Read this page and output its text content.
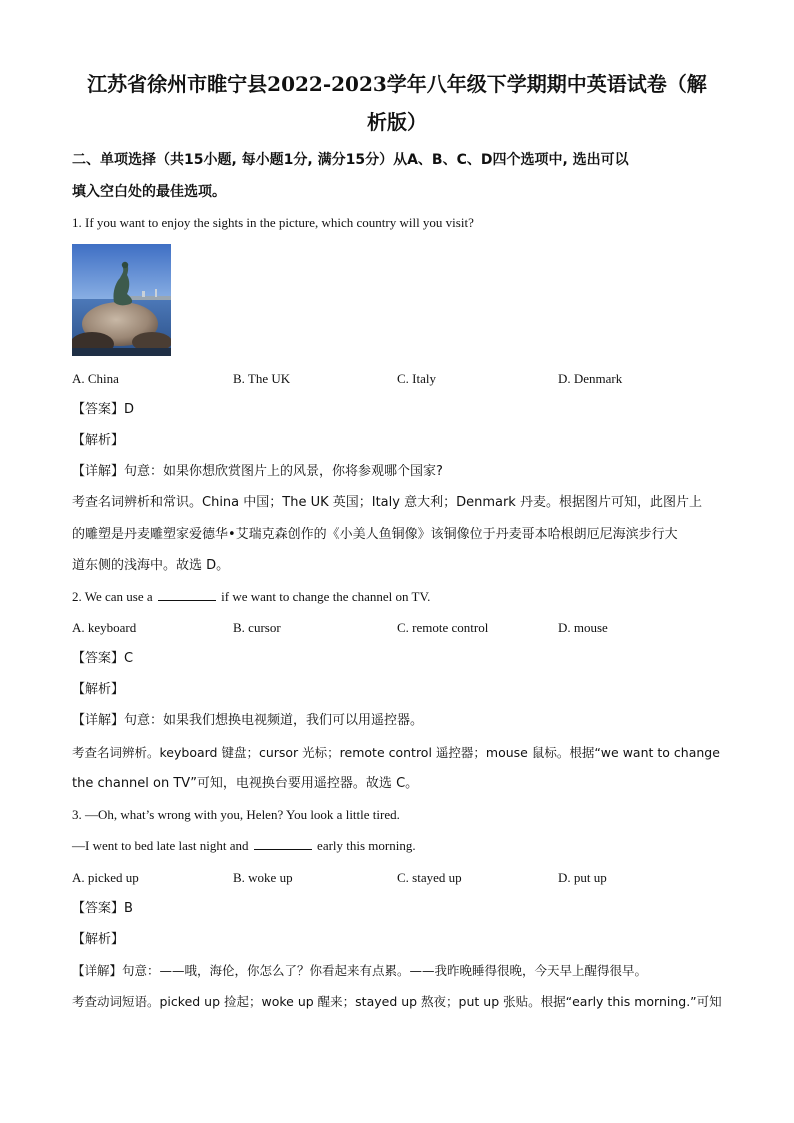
江苏省徐州市睢宁县2022-2023学年八年级下学期期中英语试卷（解
析版）
二、单项选择（共15小题, 每小题1分, 满分15分）从A、B、C、D四个选项中, 选出可以
填入空白处的最佳选项。
1. If you want to enjoy the sights in the picture, which country will you visit?
A. China	B. The UK	C. Italy	D. Denmark
【答案】D
【解析】
【详解】句意：如果你想欣赏图片上的风景，你将参观哪个国家?
考查名词辨析和常识。China 中国；The UK 英国；Italy 意大利；Denmark 丹麦。根据图片可知，此图片上
的雕塑是丹麦雕塑家爱德华•艾瑞克森创作的《小美人鱼铜像》该铜像位于丹麦哥本哈根朗厄尼海滨步行大
道东侧的浅海中。故选 D。
2. We can use a	if we want to change the channel on TV.
A. keyboard	B. cursor	C. remote control	D. mouse
【答案】C
【解析】
【详解】句意：如果我们想换电视频道，我们可以用遥控器。
考查名词辨析。keyboard 键盘；cursor 光标；remote control 遥控器；mouse 鼠标。根据“we want to change
the channel on TV”可知，电视换台要用遥控器。故选 C。
3. —Oh, what’s wrong with you, Helen? You look a little tired.
—I went to bed late last night and	early this morning.
A. picked up	B. woke up	C. stayed up	D. put up
【答案】B
【解析】
【详解】句意：——哦，海伦，你怎么了？你看起来有点累。——我昨晚睡得很晚，今天早上醒得很早。
考查动词短语。picked up 捡起；woke up 醒来；stayed up 熬夜；put up 张贴。根据“early this morning.”可知
